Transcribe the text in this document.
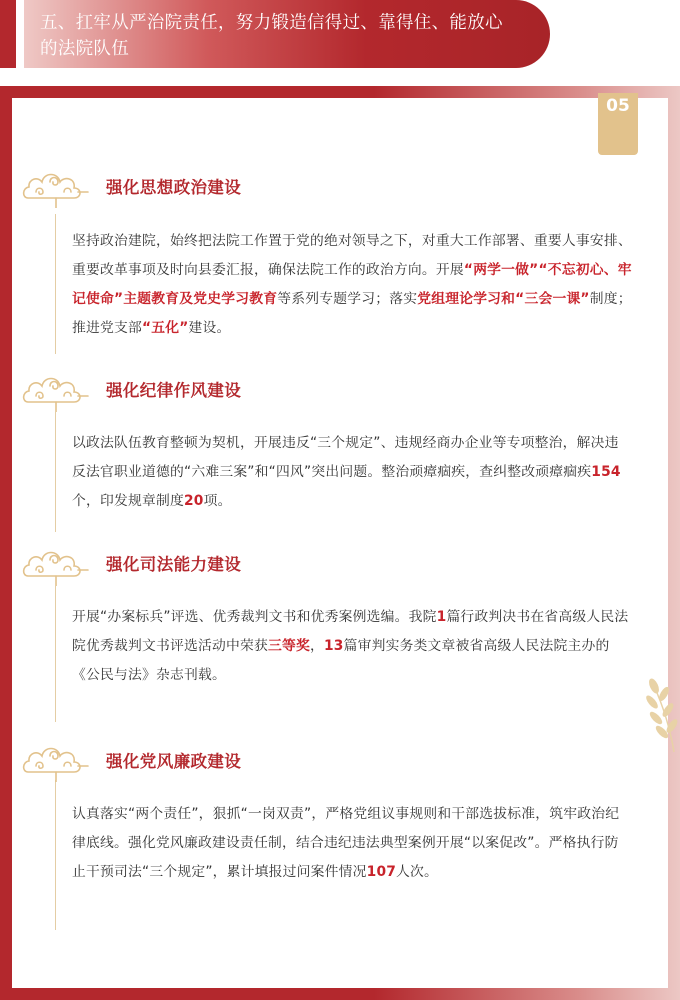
五、扛牢从严治院责任，努力锻造信得过、靠得住、能放心的法院队伍
05
强化思想政治建设
坚持政治建院，始终把法院工作置于党的绝对领导之下，对重大工作部署、重要人事安排、重要改革事项及时向县委汇报，确保法院工作的政治方向。开展“两学一做”“不忘初心、牢记使命”主题教育及党史学习教育等系列专题学习；落实党组理论学习和“三会一课”制度；推进党支部“五化”建设。
强化纪律作风建设
以政法队伍教育整顿为契机，开展违反“三个规定”、违规经商办企业等专项整治，解决违反法官职业道德的“六难三案”和“四风”突出问题。整治顽瘴痼疾，查纠整改顽瘴痼疾154个，印发规章制度20项。
强化司法能力建设
开展“办案标兵”评选、优秀裁判文书和优秀案例选编。我院1篇行政判决书在省高级人民法院优秀裁判文书评选活动中荣获三等奖，13篇审判实务类文章被省高级人民法院主办的《公民与法》杂志刊载。
强化党风廉政建设
认真落实“两个责任”，狠抓“一岗双责”，严格党组议事规则和干部选拔标准，筑牢政治纪律底线。强化党风廉政建设责任制，结合违纪违法典型案例开展“以案促改”。严格执行防止干预司法“三个规定”，累计填报过问案件情况107人次。
